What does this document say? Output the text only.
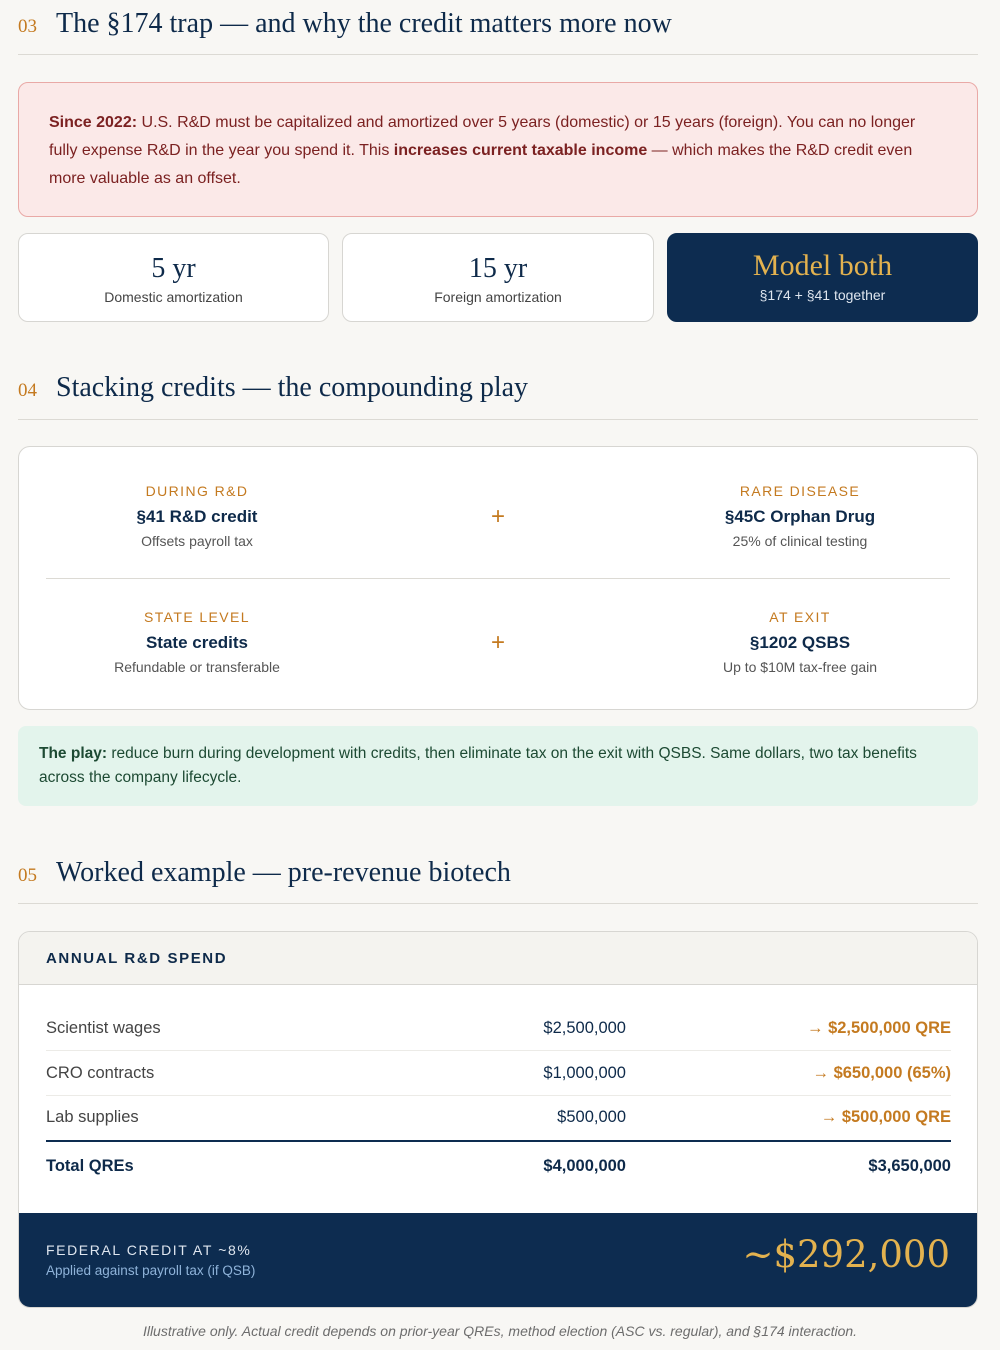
03 The §174 trap — and why the credit matters more now
Since 2022: U.S. R&D must be capitalized and amortized over 5 years (domestic) or 15 years (foreign). You can no longer fully expense R&D in the year you spend it. This increases current taxable income — which makes the R&D credit even more valuable as an offset.
5 yr
Domestic amortization
15 yr
Foreign amortization
Model both
§174 + §41 together
04 Stacking credits — the compounding play
DURING R&D
§41 R&D credit
Offsets payroll tax
+
RARE DISEASE
§45C Orphan Drug
25% of clinical testing
STATE LEVEL
State credits
Refundable or transferable
+
AT EXIT
§1202 QSBS
Up to $10M tax-free gain
The play: reduce burn during development with credits, then eliminate tax on the exit with QSBS. Same dollars, two tax benefits across the company lifecycle.
05 Worked example — pre-revenue biotech
ANNUAL R&D SPEND
Scientist wages	$2,500,000	→ $2,500,000 QRE
CRO contracts	$1,000,000	→ $650,000 (65%)
Lab supplies	$500,000	→ $500,000 QRE
Total QREs	$4,000,000	$3,650,000
FEDERAL CREDIT AT ~8%
Applied against payroll tax (if QSB)	~$292,000
Illustrative only. Actual credit depends on prior-year QREs, method election (ASC vs. regular), and §174 interaction.
